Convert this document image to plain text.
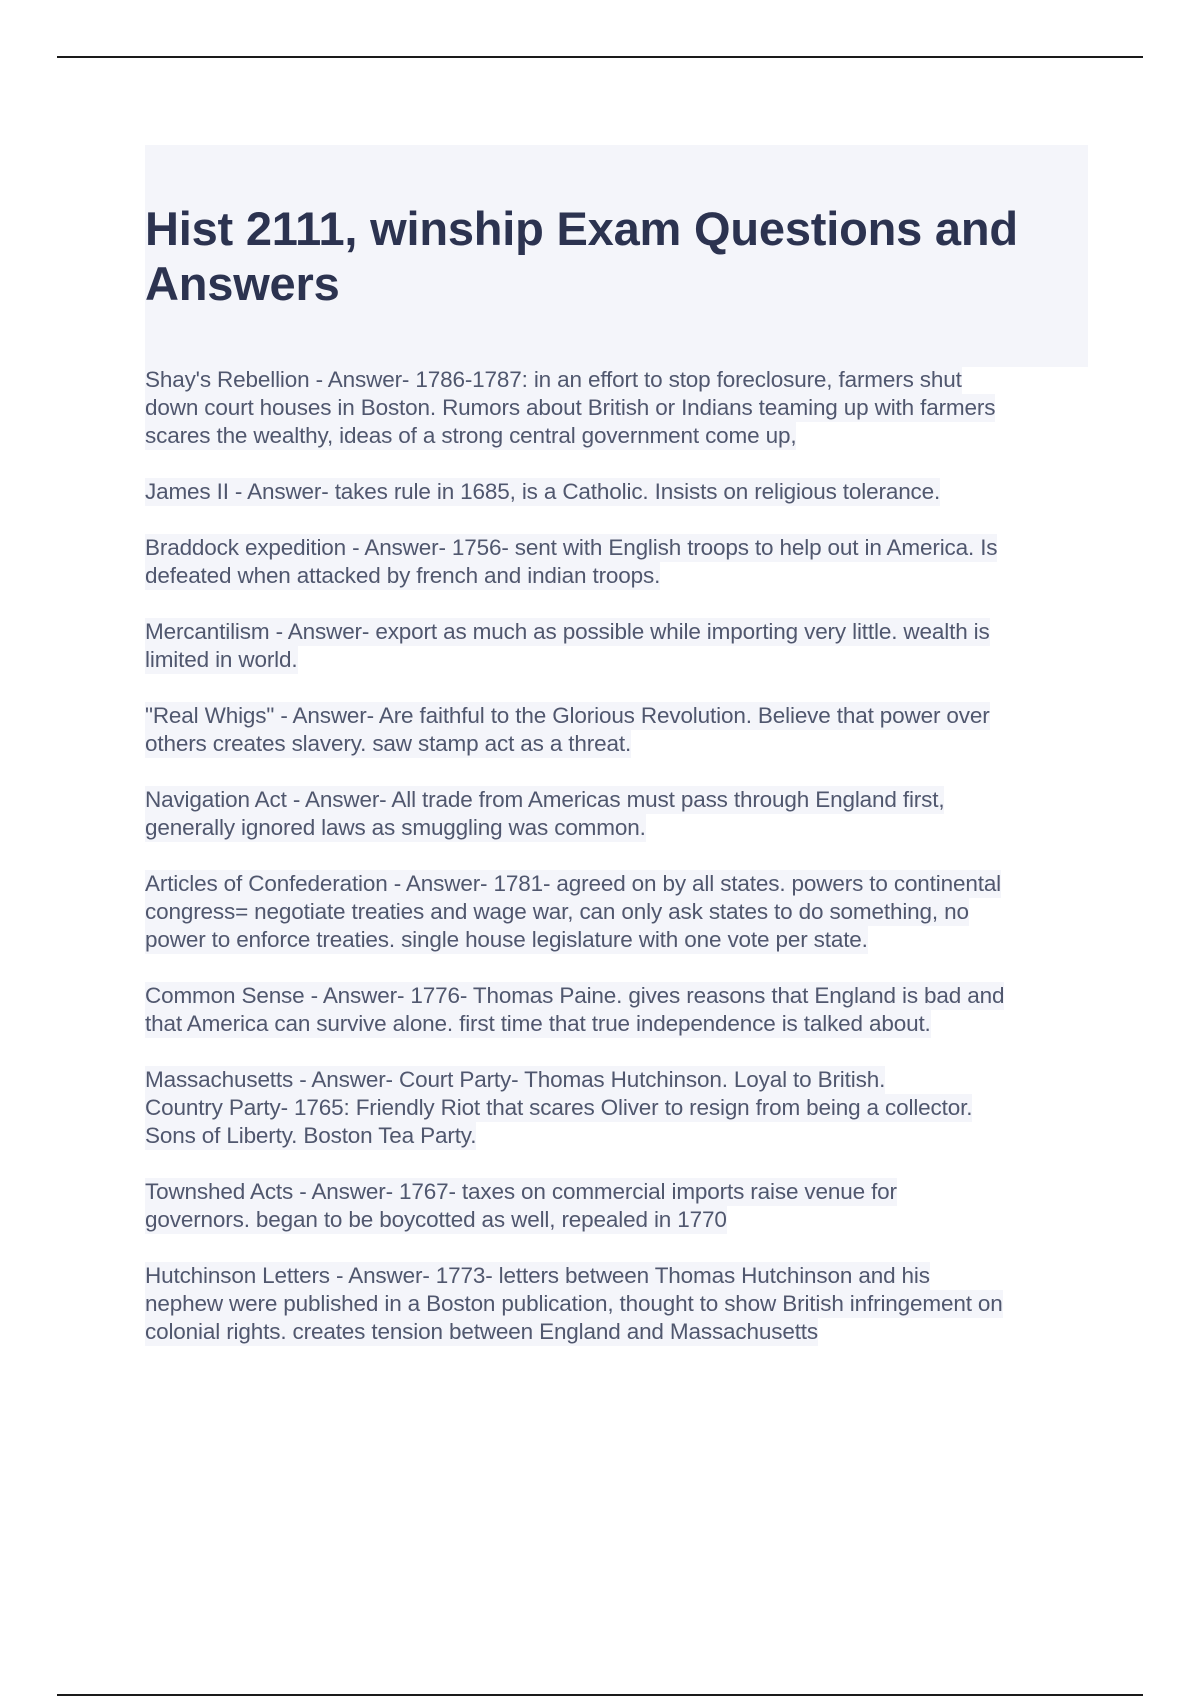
Hist 2111, winship Exam Questions and
Answers

Shay's Rebellion - Answer- 1786-1787: in an effort to stop foreclosure, farmers shut
down court houses in Boston. Rumors about British or Indians teaming up with farmers
scares the wealthy, ideas of a strong central government come up,

James II - Answer- takes rule in 1685, is a Catholic. Insists on religious tolerance.

Braddock expedition - Answer- 1756- sent with English troops to help out in America. Is
defeated when attacked by french and indian troops.

Mercantilism - Answer- export as much as possible while importing very little. wealth is
limited in world.

"Real Whigs" - Answer- Are faithful to the Glorious Revolution. Believe that power over
others creates slavery. saw stamp act as a threat.

Navigation Act - Answer- All trade from Americas must pass through England first,
generally ignored laws as smuggling was common.

Articles of Confederation - Answer- 1781- agreed on by all states. powers to continental
congress= negotiate treaties and wage war, can only ask states to do something, no
power to enforce treaties. single house legislature with one vote per state.

Common Sense - Answer- 1776- Thomas Paine. gives reasons that England is bad and
that America can survive alone. first time that true independence is talked about.

Massachusetts - Answer- Court Party- Thomas Hutchinson. Loyal to British.
Country Party- 1765: Friendly Riot that scares Oliver to resign from being a collector.
Sons of Liberty. Boston Tea Party.

Townshed Acts - Answer- 1767- taxes on commercial imports raise venue for
governors. began to be boycotted as well, repealed in 1770

Hutchinson Letters - Answer- 1773- letters between Thomas Hutchinson and his
nephew were published in a Boston publication, thought to show British infringement on
colonial rights. creates tension between England and Massachusetts
